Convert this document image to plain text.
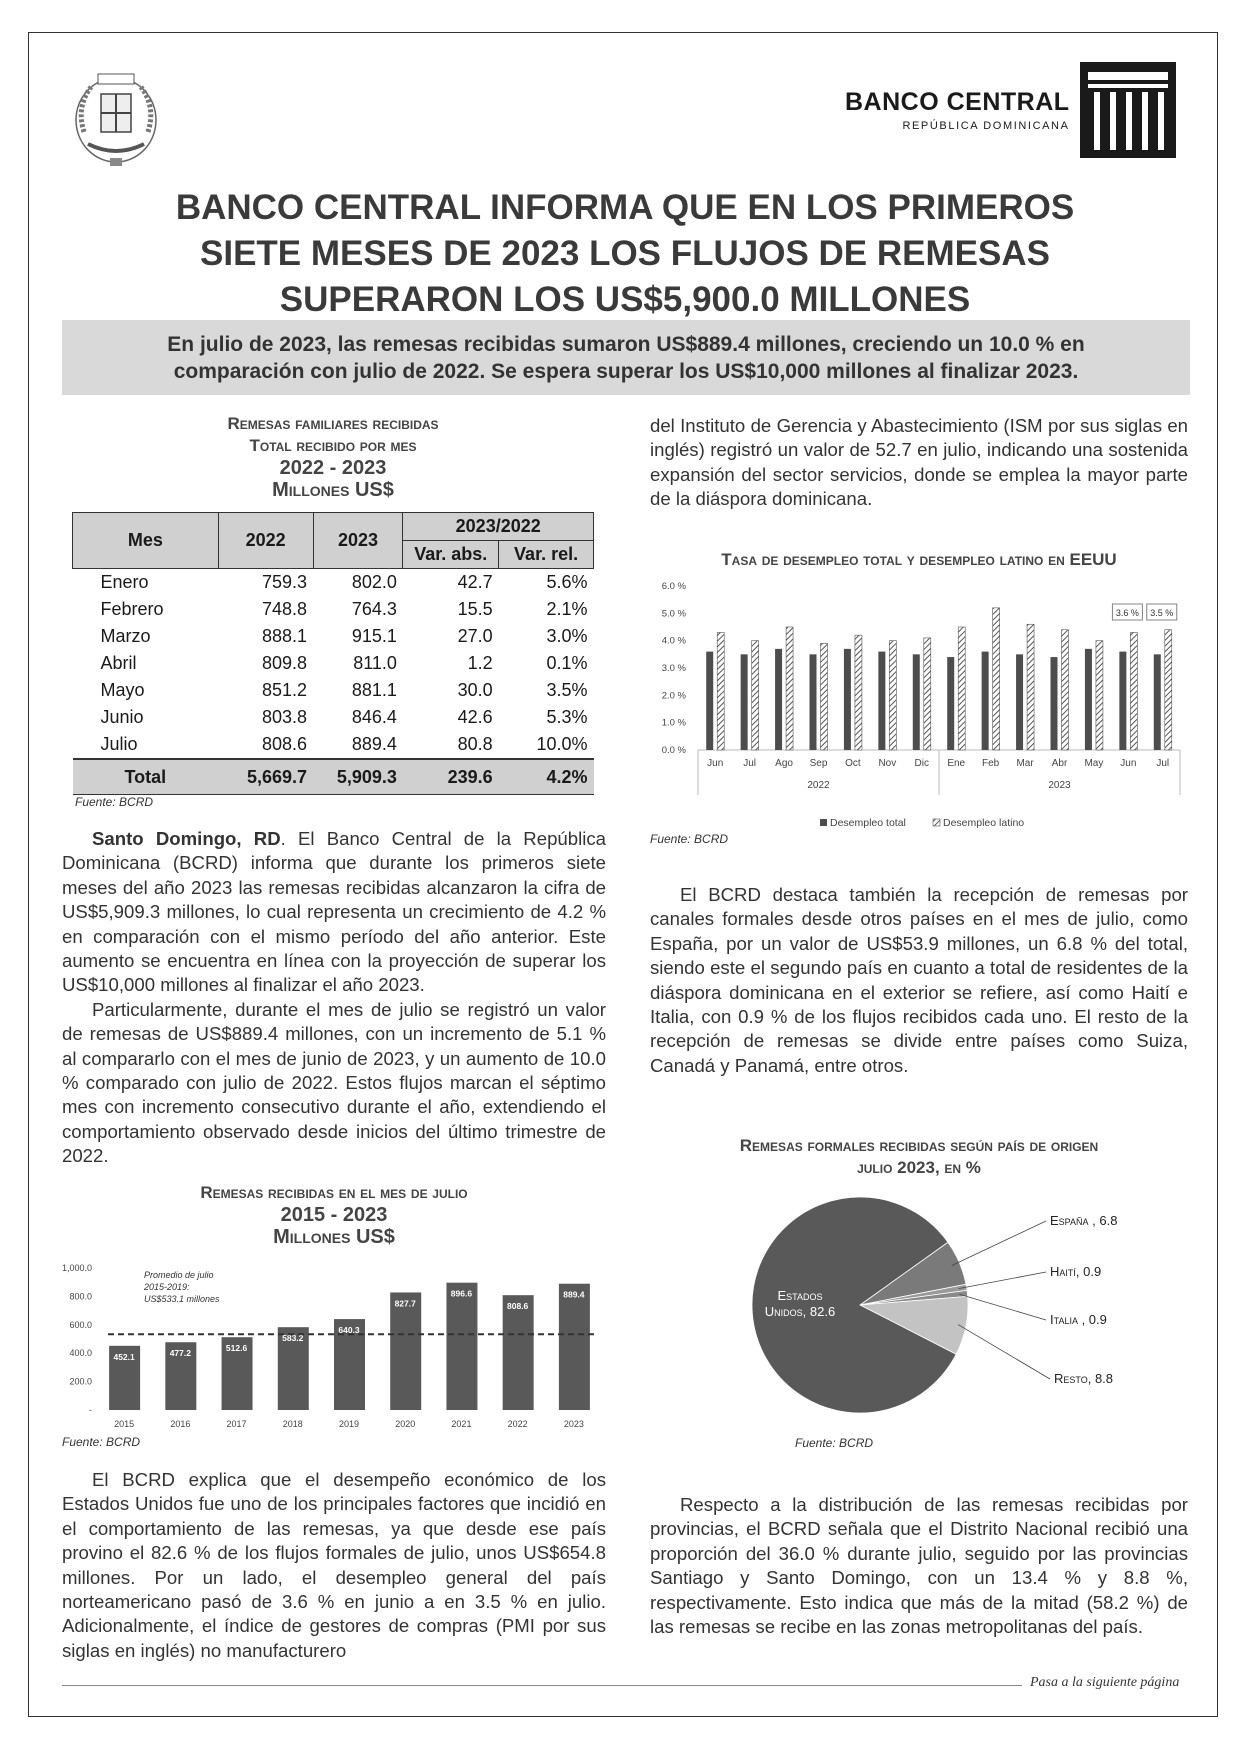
BANCO CENTRAL
REPÚBLICA DOMINICANA
BANCO CENTRAL INFORMA QUE EN LOS PRIMEROS
SIETE MESES DE 2023 LOS FLUJOS DE REMESAS
SUPERARON LOS US$5,900.0 MILLONES
En julio de 2023, las remesas recibidas sumaron US$889.4 millones, creciendo un 10.0 % en comparación con julio de 2022. Se espera superar los US$10,000 millones al finalizar 2023.
Remesas familiares recibidas
Total recibido por mes
2022 - 2023
Millones US$
Mes	2022	2023	2023/2022	
			Var. abs.	Var. rel.
Enero	759.3	802.0	42.7	5.6%
Febrero	748.8	764.3	15.5	2.1%
Marzo	888.1	915.1	27.0	3.0%
Abril	809.8	811.0	1.2	0.1%
Mayo	851.2	881.1	30.0	3.5%
Junio	803.8	846.4	42.6	5.3%
Julio	808.6	889.4	80.8	10.0%
Total	5,669.7	5,909.3	239.6	4.2%
Fuente: BCRD

Santo Domingo, RD. El Banco Central de la República Dominicana (BCRD) informa que durante los primeros siete meses del año 2023 las remesas recibidas alcanzaron la cifra de US$5,909.3 millones, lo cual representa un crecimiento de 4.2 % en comparación con el mismo período del año anterior. Este aumento se encuentra en línea con la proyección de superar los US$10,000 millones al finalizar el año 2023.

Particularmente, durante el mes de julio se registró un valor de remesas de US$889.4 millones, con un incremento de 5.1 % al compararlo con el mes de junio de 2023, y un aumento de 10.0 % comparado con julio de 2022. Estos flujos marcan el séptimo mes con incremento consecutivo durante el año, extendiendo el comportamiento observado desde inicios del último trimestre de 2022.

Remesas recibidas en el mes de julio
2015 - 2023
Millones US$
-
200.0
400.0
600.0
800.0
1,000.0
452.1
2015
477.2
2016
512.6
2017
583.2
2018
640.3
2019
827.7
2020
896.6
2021
808.6
2022
889.4
2023
Promedio de julio
2015-2019:
US$533.1 millones
Fuente: BCRD

El BCRD explica que el desempeño económico de los Estados Unidos fue uno de los principales factores que incidió en el comportamiento de las remesas, ya que desde ese país provino el 82.6 % de los flujos formales de julio, unos US$654.8 millones. Por un lado, el desempleo general del país norteamericano pasó de 3.6 % en junio a en 3.5 % en julio. Adicionalmente, el índice de gestores de compras (PMI por sus siglas en inglés) no manufacturero

del Instituto de Gerencia y Abastecimiento (ISM por sus siglas en inglés) registró un valor de 52.7 en julio, indicando una sostenida expansión del sector servicios, donde se emplea la mayor parte de la diáspora dominicana.

Tasa de desempleo total y desempleo latino en EEUU
0.0 %
1.0 %
2.0 %
3.0 %
4.0 %
5.0 %
6.0 %
Jun Jul Ago Sep Oct Nov Dic Ene Feb Mar Abr May Jun Jul
2022	2023
3.6 % 3.5 %
Desempleo total	Desempleo latino
Fuente: BCRD

El BCRD destaca también la recepción de remesas por canales formales desde otros países en el mes de julio, como España, por un valor de US$53.9 millones, un 6.8 % del total, siendo este el segundo país en cuanto a total de residentes de la diáspora dominicana en el exterior se refiere, así como Haití e Italia, con 0.9 % de los flujos recibidos cada uno. El resto de la recepción de remesas se divide entre países como Suiza, Canadá y Panamá, entre otros.

Remesas formales recibidas según país de origen
julio 2023, en %
España , 6.8
Haití, 0.9
Italia , 0.9
Resto, 8.8
Estados
Unidos, 82.6
Fuente: BCRD

Respecto a la distribución de las remesas recibidas por provincias, el BCRD señala que el Distrito Nacional recibió una proporción del 36.0 % durante julio, seguido por las provincias Santiago y Santo Domingo, con un 13.4 % y 8.8 %, respectivamente. Esto indica que más de la mitad (58.2 %) de las remesas se recibe en las zonas metropolitanas del país.

Pasa a la siguiente página
